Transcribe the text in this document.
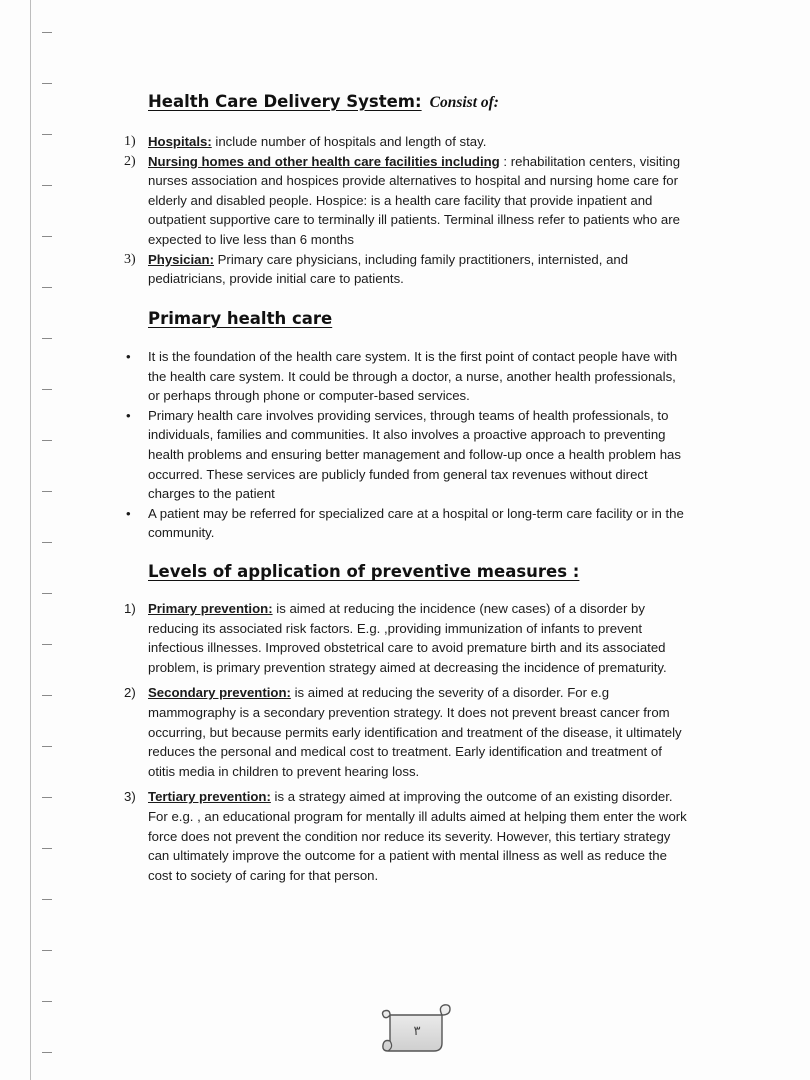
Health Care Delivery System: Consist of:
1) Hospitals: include number of hospitals and length of stay.
2) Nursing homes and other health care facilities including : rehabilitation centers, visiting nurses association and hospices provide alternatives to hospital and nursing home care for elderly and disabled people. Hospice: is a health care facility that provide inpatient and outpatient supportive care to terminally ill patients. Terminal illness refer to patients who are expected to live less than 6 months
3) Physician: Primary care physicians, including family practitioners, internisted, and pediatricians, provide initial care to patients.
Primary health care
• It is the foundation of the health care system. It is the first point of contact people have with the health care system. It could be through a doctor, a nurse, another health professionals, or perhaps through phone or computer-based services.
• Primary health care involves providing services, through teams of health professionals, to individuals, families and communities. It also involves a proactive approach to preventing health problems and ensuring better management and follow-up once a health problem has occurred. These services are publicly funded from general tax revenues without direct charges to the patient
• A patient may be referred for specialized care at a hospital or long-term care facility or in the community.
Levels of application of preventive measures :
1) Primary prevention: is aimed at reducing the incidence (new cases) of a disorder by reducing its associated risk factors. E.g. ,providing immunization of infants to prevent infectious illnesses. Improved obstetrical care to avoid premature birth and its associated problem, is primary prevention strategy aimed at decreasing the incidence of prematurity.
2) Secondary prevention: is aimed at reducing the severity of a disorder. For e.g mammography is a secondary prevention strategy. It does not prevent breast cancer from occurring, but because permits early identification and treatment of the disease, it ultimately reduces the personal and medical cost to treatment. Early identification and treatment of otitis media in children to prevent hearing loss.
3) Tertiary prevention: is a strategy aimed at improving the outcome of an existing disorder. For e.g. , an educational program for mentally ill adults aimed at helping them enter the work force does not prevent the condition nor reduce its severity. However, this tertiary strategy can ultimately improve the outcome for a patient with mental illness as well as reduce the cost to society of caring for that person.
٣
